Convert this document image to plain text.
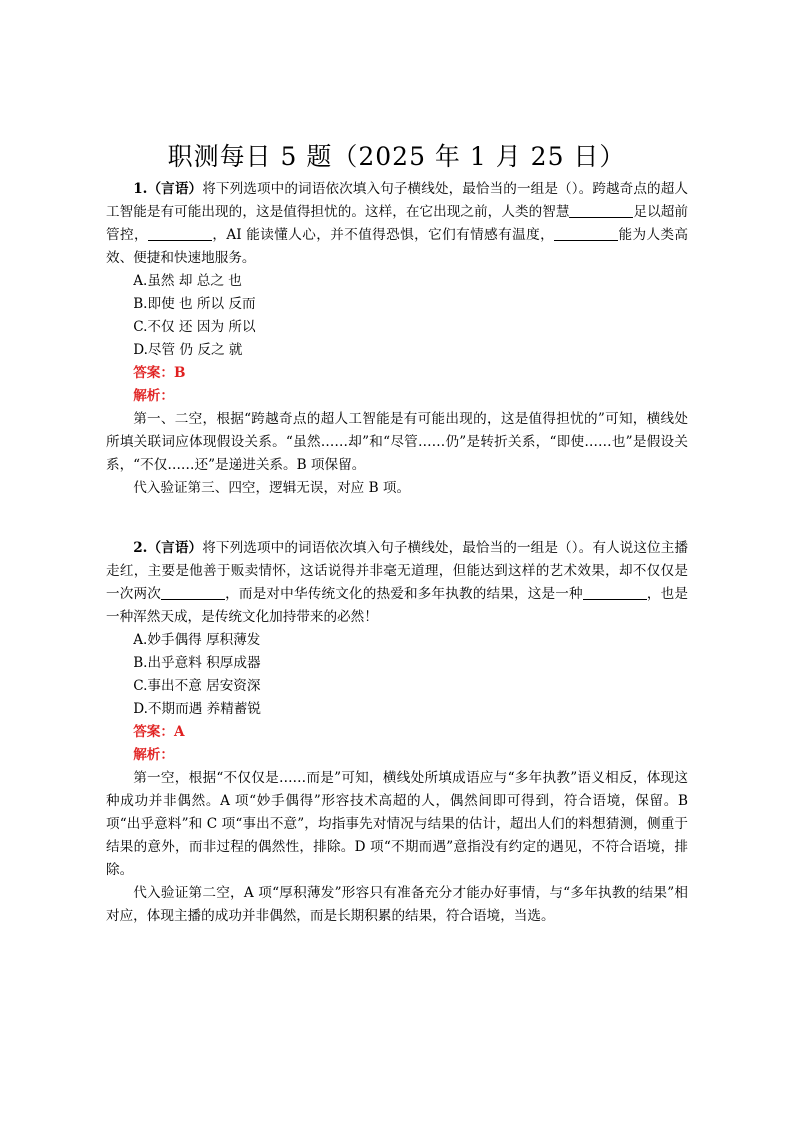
职测每日 5 题（2025 年 1 月 25 日）

1.（言语）将下列选项中的词语依次填入句子横线处，最恰当的一组是（）。跨越奇点的超人工智能是有可能出现的，这是值得担忧的。这样，在它出现之前，人类的智慧	足以超前管控，	，AI 能读懂人心，并不值得恐惧，它们有情感有温度，	能为人类高效、便捷和快速地服务。

A.虽然 却 总之 也

B.即使 也 所以 反而

C.不仅 还 因为 所以

D.尽管 仍 反之 就

答案：B

解析：

第一、二空，根据“跨越奇点的超人工智能是有可能出现的，这是值得担忧的”可知，横线处所填关联词应体现假设关系。“虽然……却”和“尽管……仍”是转折关系，“即使……也”是假设关系，“不仅……还”是递进关系。B 项保留。

代入验证第三、四空，逻辑无误，对应 B 项。

2.（言语）将下列选项中的词语依次填入句子横线处，最恰当的一组是（）。有人说这位主播走红，主要是他善于贩卖情怀，这话说得并非毫无道理，但能达到这样的艺术效果，却不仅仅是一次两次	，而是对中华传统文化的热爱和多年执教的结果，这是一种	，也是一种浑然天成，是传统文化加持带来的必然！

A.妙手偶得 厚积薄发

B.出乎意料 积厚成器

C.事出不意 居安资深

D.不期而遇 养精蓄锐

答案：A

解析：

第一空，根据“不仅仅是……而是”可知，横线处所填成语应与“多年执教”语义相反，体现这种成功并非偶然。A 项“妙手偶得”形容技术高超的人，偶然间即可得到，符合语境，保留。B 项“出乎意料”和 C 项“事出不意”，均指事先对情况与结果的估计，超出人们的料想猜测，侧重于结果的意外，而非过程的偶然性，排除。D 项“不期而遇”意指没有约定的遇见，不符合语境，排除。

代入验证第二空，A 项“厚积薄发”形容只有准备充分才能办好事情，与“多年执教的结果”相对应，体现主播的成功并非偶然，而是长期积累的结果，符合语境，当选。
